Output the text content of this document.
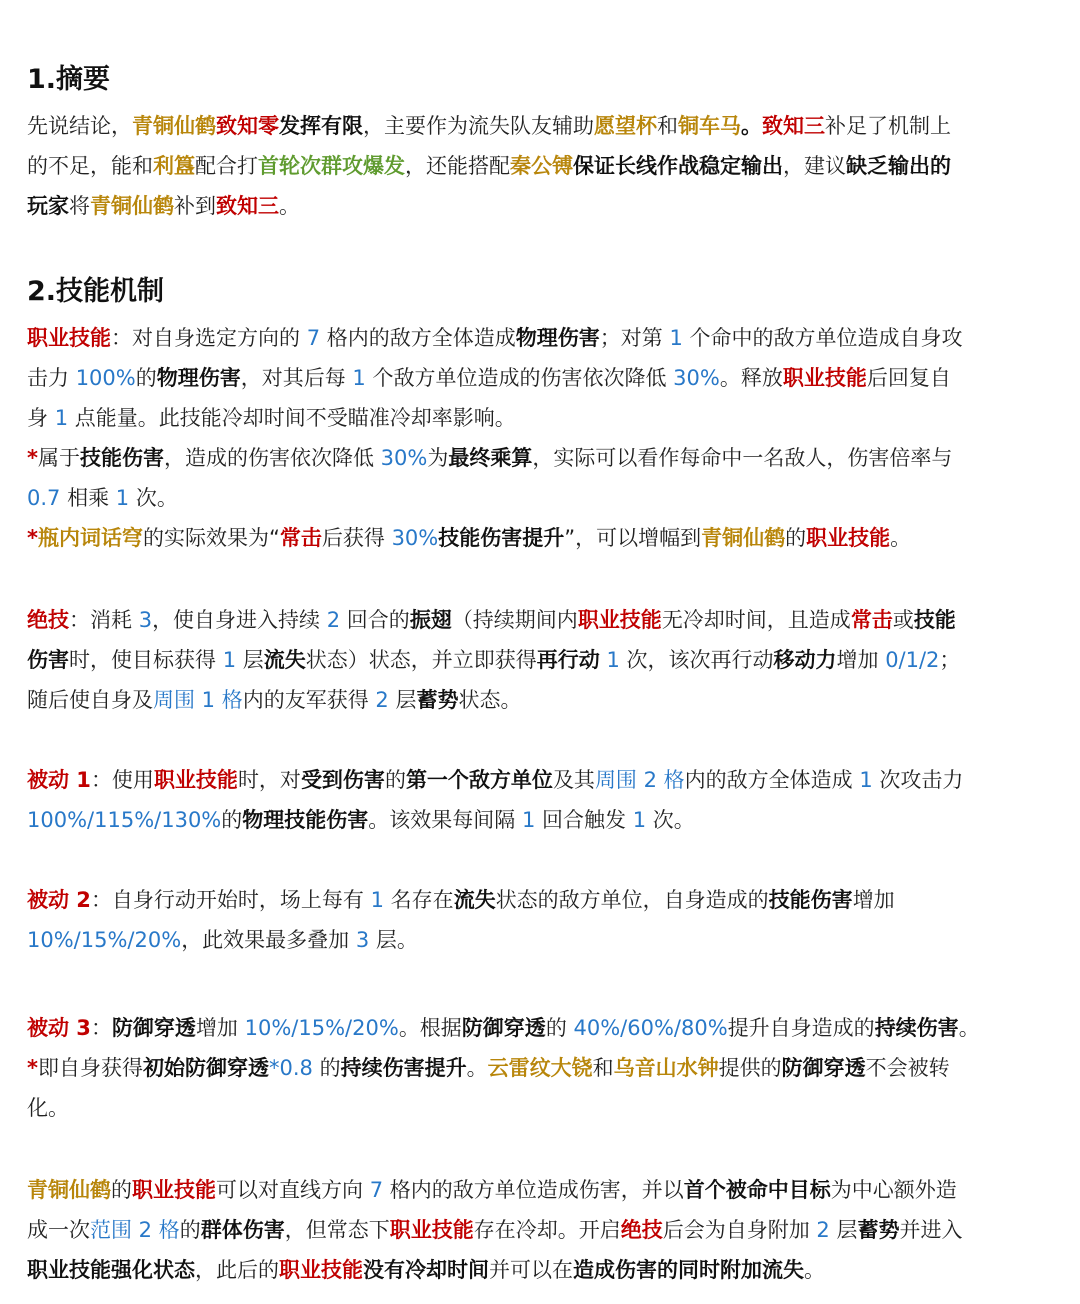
1.摘要
先说结论，青铜仙鹤致知零发挥有限，主要作为流失队友辅助愿望杯和铜车马。致知三补足了机制上
的不足，能和利簋配合打首轮次群攻爆发，还能搭配秦公镈保证长线作战稳定输出，建议缺乏输出的
玩家将青铜仙鹤补到致知三。
2.技能机制
职业技能：对自身选定方向的 7 格内的敌方全体造成物理伤害；对第 1 个命中的敌方单位造成自身攻
击力 100%的物理伤害，对其后每 1 个敌方单位造成的伤害依次降低 30%。释放职业技能后回复自
身 1 点能量。此技能冷却时间不受瞄准冷却率影响。
*属于技能伤害，造成的伤害依次降低 30%为最终乘算，实际可以看作每命中一名敌人，伤害倍率与
0.7 相乘 1 次。
*瓶内词话穹的实际效果为“常击后获得 30%技能伤害提升”，可以增幅到青铜仙鹤的职业技能。
绝技：消耗 3，使自身进入持续 2 回合的振翅（持续期间内职业技能无冷却时间，且造成常击或技能
伤害时，使目标获得 1 层流失状态）状态，并立即获得再行动 1 次，该次再行动移动力增加 0/1/2；
随后使自身及周围 1 格内的友军获得 2 层蓄势状态。
被动 1：使用职业技能时，对受到伤害的第一个敌方单位及其周围 2 格内的敌方全体造成 1 次攻击力
100%/115%/130%的物理技能伤害。该效果每间隔 1 回合触发 1 次。
被动 2：自身行动开始时，场上每有 1 名存在流失状态的敌方单位，自身造成的技能伤害增加
10%/15%/20%，此效果最多叠加 3 层。
被动 3：防御穿透增加 10%/15%/20%。根据防御穿透的 40%/60%/80%提升自身造成的持续伤害。
*即自身获得初始防御穿透*0.8 的持续伤害提升。云雷纹大铙和乌音山水钟提供的防御穿透不会被转
化。
青铜仙鹤的职业技能可以对直线方向 7 格内的敌方单位造成伤害，并以首个被命中目标为中心额外造
成一次范围 2 格的群体伤害，但常态下职业技能存在冷却。开启绝技后会为自身附加 2 层蓄势并进入
职业技能强化状态，此后的职业技能没有冷却时间并可以在造成伤害的同时附加流失。
